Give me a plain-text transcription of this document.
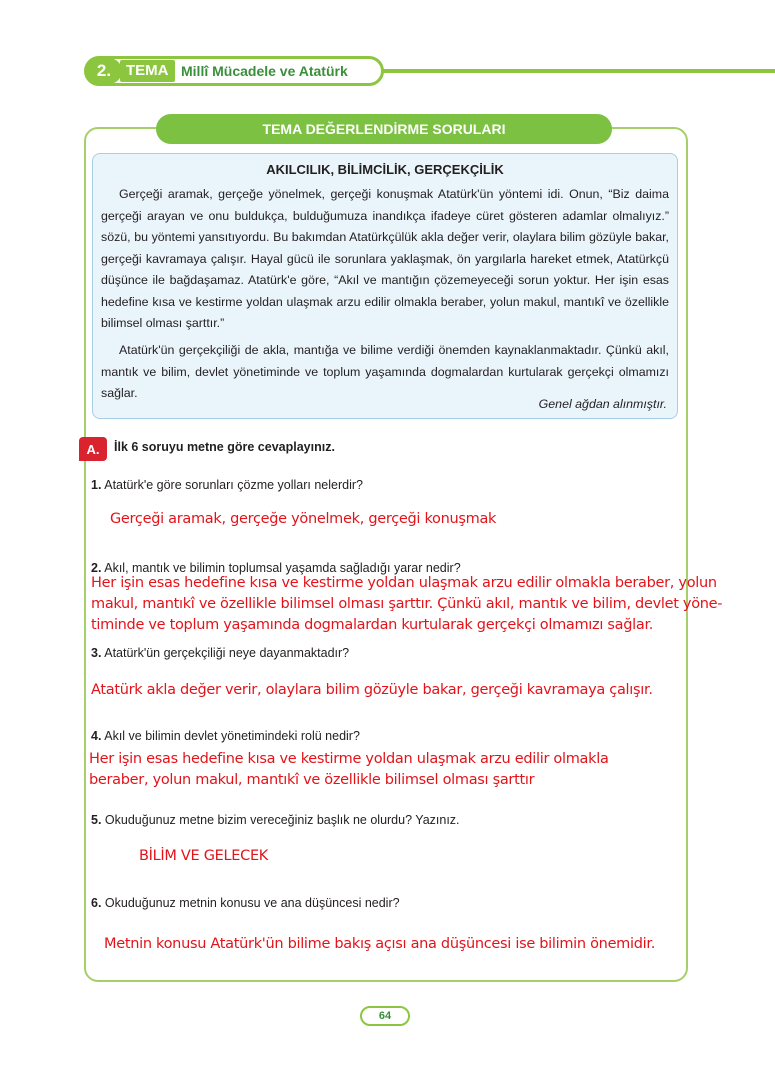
2. TEMA Millî Mücadele ve Atatürk
TEMA DEĞERLENDİRME SORULARI
AKILCILIK, BİLİMCİLİK, GERÇEKÇİLİK

Gerçeği aramak, gerçeğe yönelmek, gerçeği konuşmak Atatürk'ün yöntemi idi. Onun, “Biz daima gerçeği arayan ve onu buldukça, bulduğumuza inandıkça ifadeye cüret gösteren adamlar olmalıyız.” sözü, bu yöntemi yansıtıyordu. Bu bakımdan Atatürkçülük akla değer verir, olaylara bilim gözüyle bakar, gerçeği kavramaya çalışır. Hayal gücü ile sorunlara yaklaşmak, ön yargılarla hareket etmek, Atatürkçü düşünce ile bağdaşamaz. Atatürk'e göre, “Akıl ve mantığın çözemeyeceği sorun yoktur. Her işin esas hedefine kısa ve kestirme yoldan ulaşmak arzu edilir olmakla beraber, yolun makul, mantıkî ve özellikle bilimsel olması şarttır.”

Atatürk'ün gerçekçiliği de akla, mantığa ve bilime verdiği önemden kaynaklanmaktadır. Çünkü akıl, mantık ve bilim, devlet yönetiminde ve toplum yaşamında dogmalardan kurtularak gerçekçi olmamızı sağlar.

Genel ağdan alınmıştır.
A.	İlk 6 soruyu metne göre cevaplayınız.
1. Atatürk'e göre sorunları çözme yolları nelerdir?
Gerçeği aramak, gerçeğe yönelmek, gerçeği konuşmak
2. Akıl, mantık ve bilimin toplumsal yaşamda sağladığı yarar nedir?
Her işin esas hedefine kısa ve kestirme yoldan ulaşmak arzu edilir olmakla beraber, yolun
makul, mantıkî ve özellikle bilimsel olması şarttır. Çünkü akıl, mantık ve bilim, devlet yöne-
timinde ve toplum yaşamında dogmalardan kurtularak gerçekçi olmamızı sağlar.
3. Atatürk'ün gerçekçiliği neye dayanmaktadır?
Atatürk akla değer verir, olaylara bilim gözüyle bakar, gerçeği kavramaya çalışır.
4. Akıl ve bilimin devlet yönetimindeki rolü nedir?
Her işin esas hedefine kısa ve kestirme yoldan ulaşmak arzu edilir olmakla
beraber, yolun makul, mantıkî ve özellikle bilimsel olması şarttır
5. Okuduğunuz metne bizim vereceğiniz başlık ne olurdu? Yazınız.
BİLİM VE GELECEK
6. Okuduğunuz metnin konusu ve ana düşüncesi nedir?
Metnin konusu Atatürk'ün bilime bakış açısı ana düşüncesi ise bilimin önemidir.
64
